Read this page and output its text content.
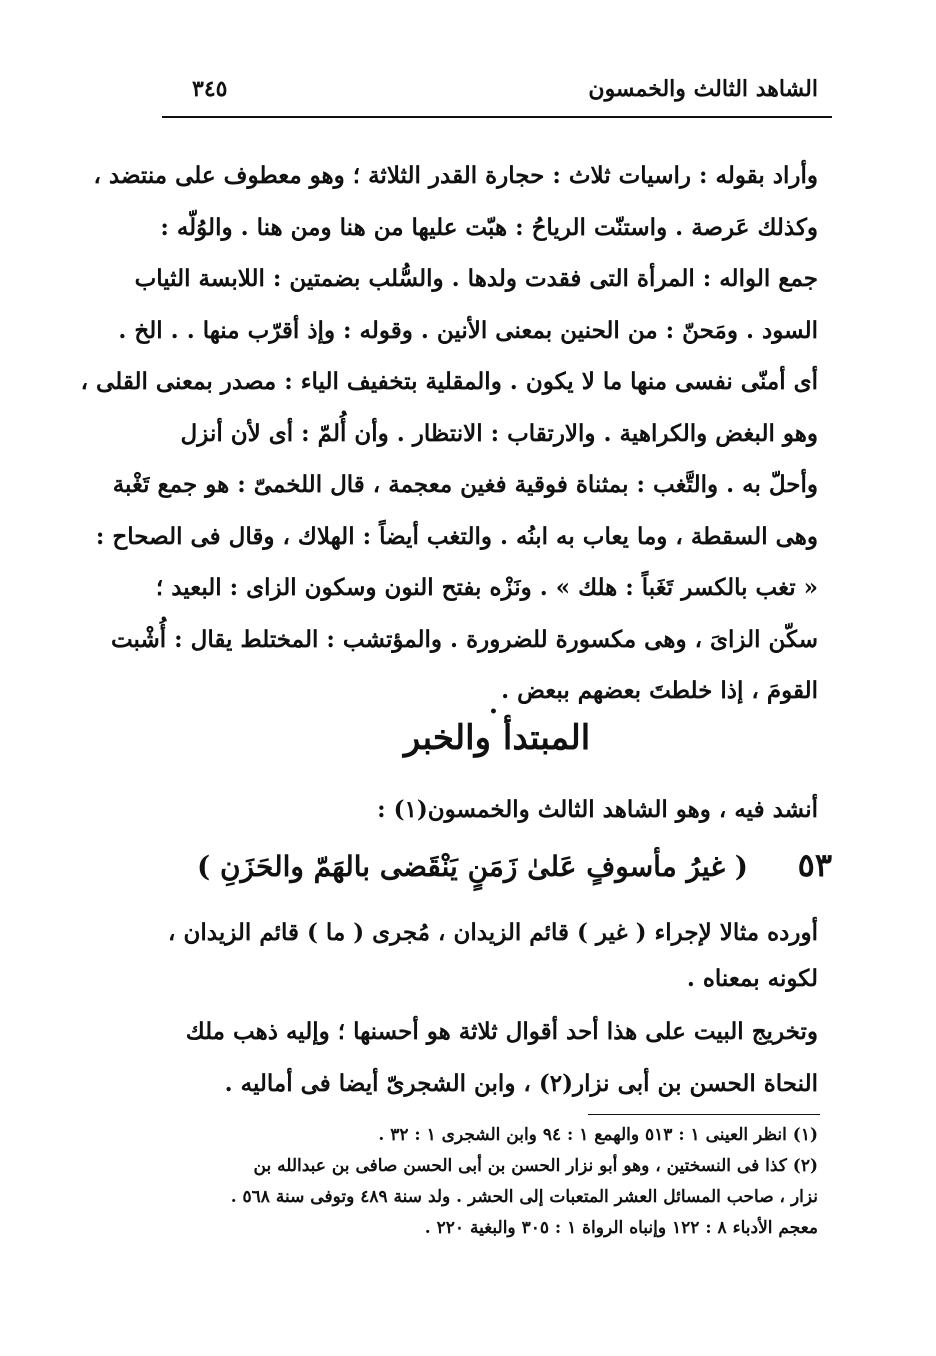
الشاهد الثالث والخمسون
٣٤٥
وأراد بقوله : راسيات ثلاث : حجارة القدر الثلاثة ؛ وهو معطوف على منتضد ،
وكذلك عَرصة . واستنّت الرياحُ : هبّت عليها من هنا ومن هنا . والوُلّه :
جمع الواله : المرأة التى فقدت ولدها . والسُّلب بضمتين : اللابسة الثياب
السود . ومَحنّ : من الحنين بمعنى الأنين . وقوله : وإذ أقرّب منها . . الخ .
أى أمنّى نفسى منها ما لا يكون . والمقلية بتخفيف الياء : مصدر بمعنى القلى ،
وهو البغض والكراهية . والارتقاب : الانتظار . وأن أُلمّ : أى لأن أنزل
وأحلّ به . والتَّغب : بمثناة فوقية فغين معجمة ، قال اللخمىّ : هو جمع تَغْبة
وهى السقطة ، وما يعاب به ابنُه . والتغب أيضاً : الهلاك ، وقال فى الصحاح :
« تغب بالكسر تَغَباً : هلك » . ونَزْه بفتح النون وسكون الزاى : البعيد ؛
سكّن الزاىَ ، وهى مكسورة للضرورة . والمؤتشب : المختلط يقال : أُشْبت
القومَ ، إذا خلطتَ بعضهم ببعض .
•
المبتدأ والخبر
أنشد فيه ، وهو الشاهد الثالث والخمسون(١) :
٥٣
( غيرُ مأسوفٍ عَلىٰ زَمَنٍ يَنْقَضى بالهَمّ والحَزَنِ )
أورده مثالا لإجراء ( غير ) قائم الزيدان ، مُجرى ( ما ) قائم الزيدان ،
لكونه بمعناه .
وتخريج البيت على هذا أحد أقوال ثلاثة هو أحسنها ؛ وإليه ذهب ملك
النحاة الحسن بن أبى نزار(٢) ، وابن الشجرىّ أيضا فى أماليه .
(١) انظر العينى ١ : ٥١٣ والهمع ١ : ٩٤ وابن الشجرى ١ : ٣٢ .
(٢) كذا فى النسختين ، وهو أبو نزار الحسن بن أبى الحسن صافى بن عبدالله بن
نزار ، صاحب المسائل العشر المتعبات إلى الحشر . ولد سنة ٤٨٩ وتوفى سنة ٥٦٨ .
معجم الأدباء ٨ : ١٢٢ وإنباه الرواة ١ : ٣٠٥ والبغية ٢٢٠ .
